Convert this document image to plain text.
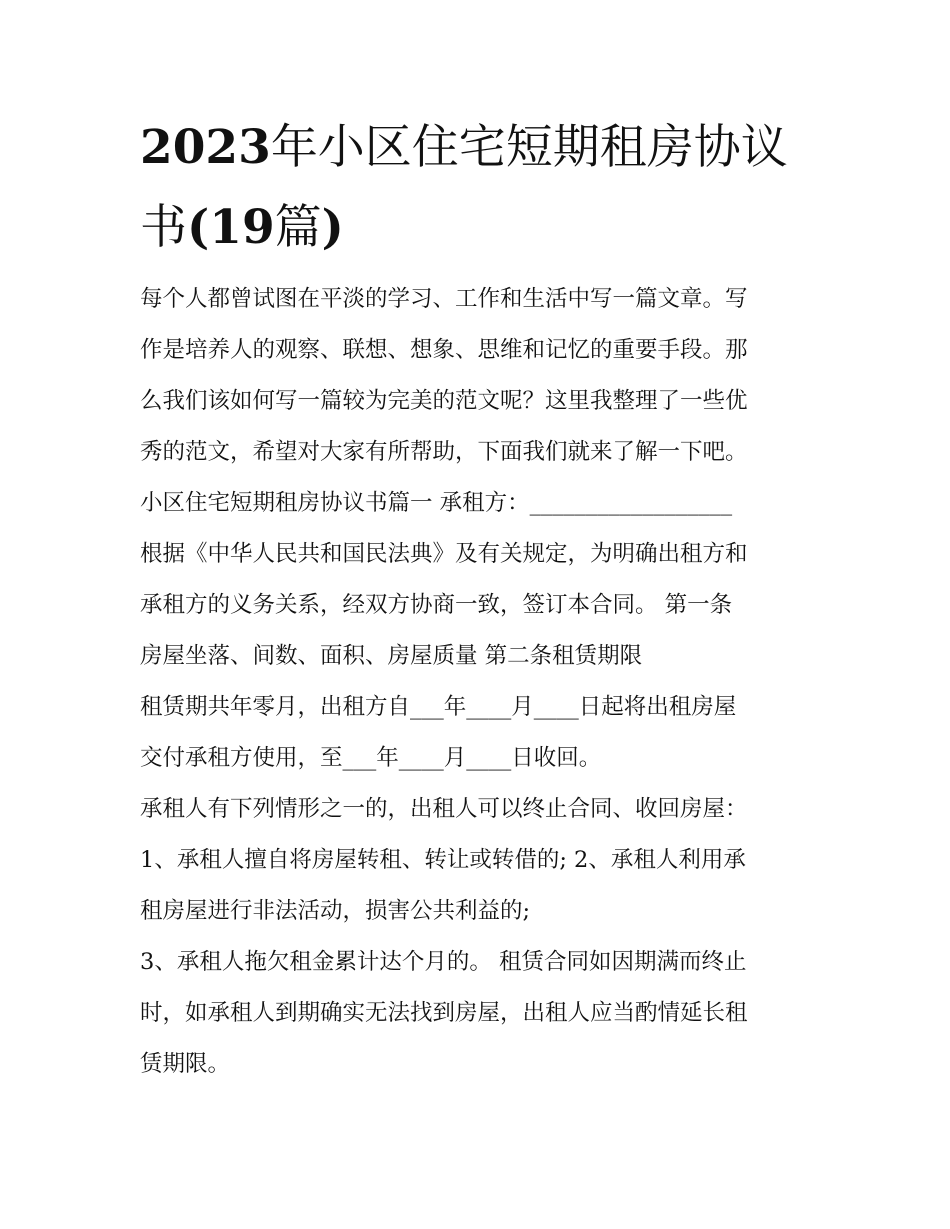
2023年小区住宅短期租房协议
书(19篇)
每个人都曾试图在平淡的学习、工作和生活中写一篇文章。写
作是培养人的观察、联想、想象、思维和记忆的重要手段。那
么我们该如何写一篇较为完美的范文呢？这里我整理了一些优
秀的范文，希望对大家有所帮助，下面我们就来了解一下吧。
小区住宅短期租房协议书篇一 承租方：__________________
根据《中华人民共和国民法典》及有关规定，为明确出租方和
承租方的义务关系，经双方协商一致，签订本合同。 第一条
房屋坐落、间数、面积、房屋质量 第二条租赁期限
租赁期共年零月，出租方自___年____月____日起将出租房屋
交付承租方使用，至___年____月____日收回。
承租人有下列情形之一的，出租人可以终止合同、收回房屋：
1、承租人擅自将房屋转租、转让或转借的; 2、承租人利用承
租房屋进行非法活动，损害公共利益的;
3、承租人拖欠租金累计达个月的。 租赁合同如因期满而终止
时，如承租人到期确实无法找到房屋，出租人应当酌情延长租
赁期限。
